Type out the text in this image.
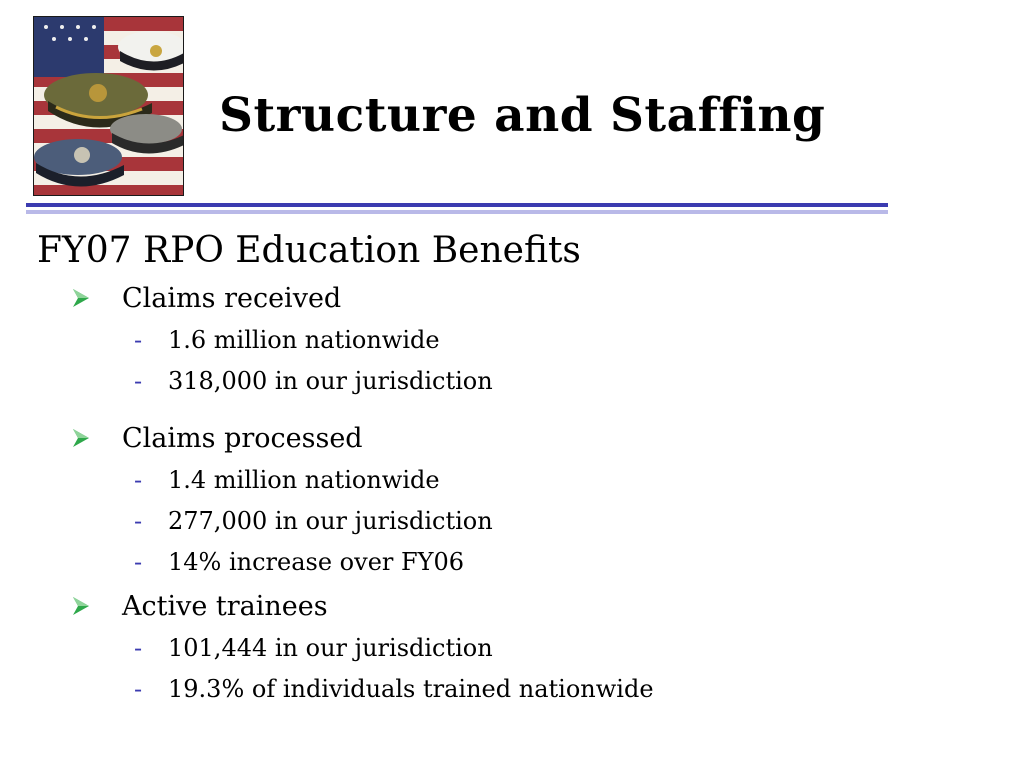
Structure and Staffing
FY07 RPO Education Benefits
Claims received
-	1.6 million nationwide
-	318,000 in our jurisdiction
Claims processed
-	1.4 million nationwide
-	277,000 in our jurisdiction
-	14% increase over FY06
Active trainees
-	101,444 in our jurisdiction
-	19.3% of individuals trained nationwide
